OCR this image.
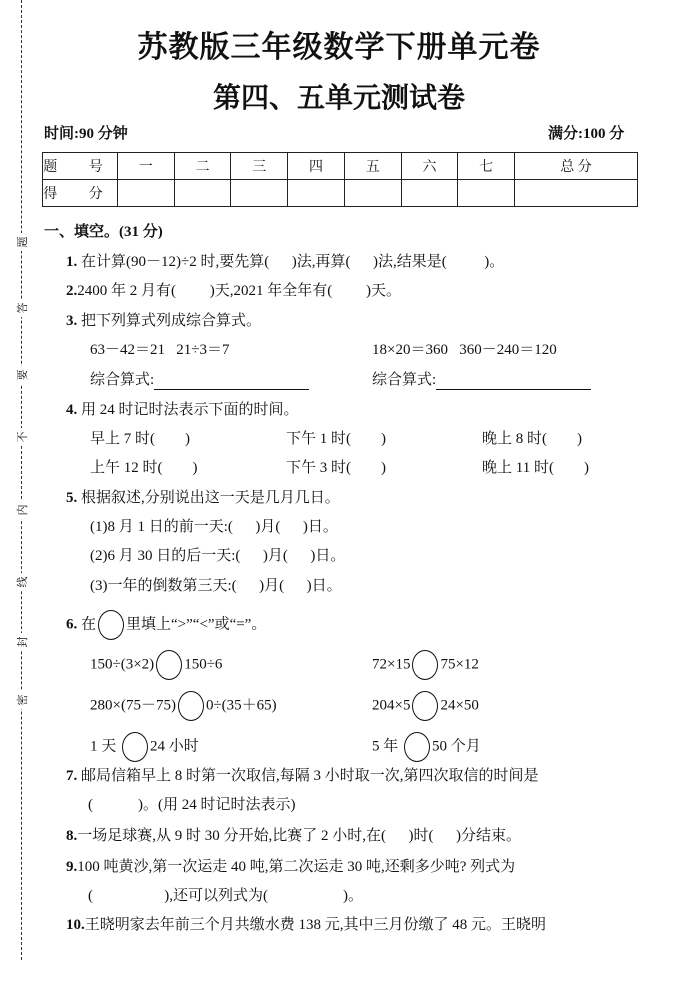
密
封
线
内
不
要
答
题
苏教版三年级数学下册单元卷
第四、五单元测试卷
时间:90 分钟	满分:100 分
题 号	一	二	三	四	五	六	七	总 分
得 分								
一、填空。(31 分)
1. 在计算(90－12)÷2 时,要先算(      )法,再算(      )法,结果是(          )。
2.2400 年 2 月有(         )天,2021 年全年有(         )天。
3. 把下列算式列成综合算式。
63－42＝21   21÷3＝7	18×20＝360   360－240＝120
综合算式:	综合算式:
4. 用 24 时记时法表示下面的时间。
早上 7 时(        )	下午 1 时(        )	晚上 8 时(        )
上午 12 时(        )	下午 3 时(        )	晚上 11 时(        )
5. 根据叙述,分别说出这一天是几月几日。
(1)8 月 1 日的前一天:(      )月(      )日。
(2)6 月 30 日的后一天:(      )月(      )日。
(3)一年的倒数第三天:(      )月(      )日。
6. 在 里填上“>”“<”或“=”。
150÷(3×2) 150÷6	72×15 75×12
280×(75－75) 0÷(35＋65)	204×5 24×50
1 天 24 小时	5 年 50 个月
7. 邮局信箱早上 8 时第一次取信,每隔 3 小时取一次,第四次取信的时间是
(            )。(用 24 时记时法表示)
8.一场足球赛,从 9 时 30 分开始,比赛了 2 小时,在(      )时(      )分结束。
9.100 吨黄沙,第一次运走 40 吨,第二次运走 30 吨,还剩多少吨? 列式为
(                   ),还可以列式为(                    )。
10.王晓明家去年前三个月共缴水费 138 元,其中三月份缴了 48 元。王晓明
